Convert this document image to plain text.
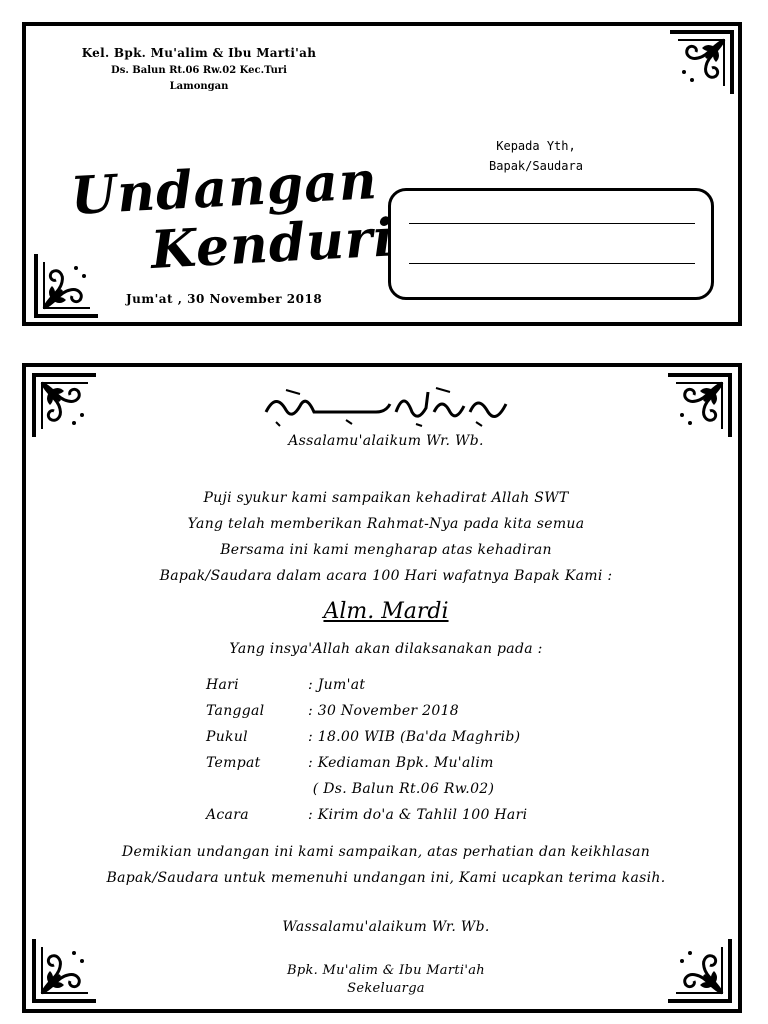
Kel. Bpk. Mu'alim & Ibu Marti'ah
Ds. Balun Rt.06 Rw.02 Kec.Turi
Lamongan
Undangan
Kenduri
Jum'at , 30 November 2018
Kepada Yth,
Bapak/Saudara
Assalamu'alaikum Wr. Wb.
Puji syukur kami sampaikan kehadirat Allah SWT
Yang telah memberikan Rahmat-Nya pada kita semua
Bersama ini kami mengharap atas kehadiran
Bapak/Saudara dalam acara 100 Hari wafatnya Bapak Kami :
Alm. Mardi
Yang insya'Allah akan dilaksanakan pada :
Hari	: Jum'at
Tanggal	: 30 November 2018
Pukul	: 18.00 WIB (Ba'da Maghrib)
Tempat	: Kediaman Bpk. Mu'alim
( Ds. Balun Rt.06 Rw.02)
Acara	: Kirim do'a & Tahlil 100 Hari
Demikian undangan ini kami sampaikan, atas perhatian dan keikhlasan
Bapak/Saudara untuk memenuhi undangan ini, Kami ucapkan terima kasih.
Wassalamu'alaikum Wr. Wb.
Bpk. Mu'alim & Ibu Marti'ah
Sekeluarga
